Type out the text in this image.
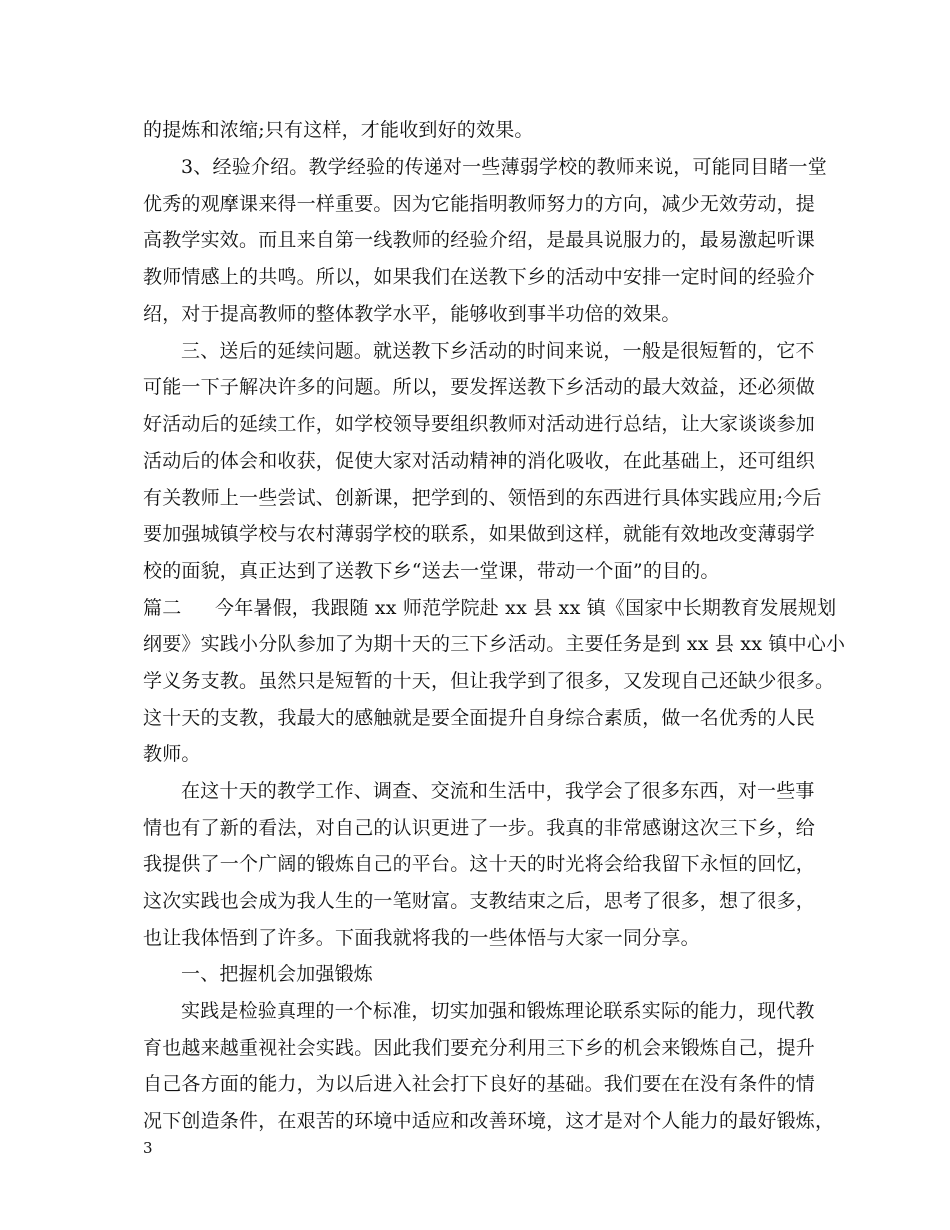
的提炼和浓缩;只有这样，才能收到好的效果。
3、经验介绍。教学经验的传递对一些薄弱学校的教师来说，可能同目睹一堂
优秀的观摩课来得一样重要。因为它能指明教师努力的方向，减少无效劳动，提
高教学实效。而且来自第一线教师的经验介绍，是最具说服力的，最易激起听课
教师情感上的共鸣。所以，如果我们在送教下乡的活动中安排一定时间的经验介
绍，对于提高教师的整体教学水平，能够收到事半功倍的效果。
三、送后的延续问题。就送教下乡活动的时间来说，一般是很短暂的，它不
可能一下子解决许多的问题。所以，要发挥送教下乡活动的最大效益，还必须做
好活动后的延续工作，如学校领导要组织教师对活动进行总结，让大家谈谈参加
活动后的体会和收获，促使大家对活动精神的消化吸收，在此基础上，还可组织
有关教师上一些尝试、创新课，把学到的、领悟到的东西进行具体实践应用;今后
要加强城镇学校与农村薄弱学校的联系，如果做到这样，就能有效地改变薄弱学
校的面貌，真正达到了送教下乡“送去一堂课，带动一个面”的目的。
篇二 今年暑假，我跟随 xx 师范学院赴 xx 县 xx 镇《国家中长期教育发展规划
纲要》实践小分队参加了为期十天的三下乡活动。主要任务是到 xx 县 xx 镇中心小
学义务支教。虽然只是短暂的十天，但让我学到了很多，又发现自己还缺少很多。
这十天的支教，我最大的感触就是要全面提升自身综合素质，做一名优秀的人民
教师。
在这十天的教学工作、调查、交流和生活中，我学会了很多东西，对一些事
情也有了新的看法，对自己的认识更进了一步。我真的非常感谢这次三下乡，给
我提供了一个广阔的锻炼自己的平台。这十天的时光将会给我留下永恒的回忆，
这次实践也会成为我人生的一笔财富。支教结束之后，思考了很多，想了很多，
也让我体悟到了许多。下面我就将我的一些体悟与大家一同分享。
一、把握机会加强锻炼
实践是检验真理的一个标准，切实加强和锻炼理论联系实际的能力，现代教
育也越来越重视社会实践。因此我们要充分利用三下乡的机会来锻炼自己，提升
自己各方面的能力，为以后进入社会打下良好的基础。我们要在在没有条件的情
况下创造条件，在艰苦的环境中适应和改善环境，这才是对个人能力的最好锻炼，
3
